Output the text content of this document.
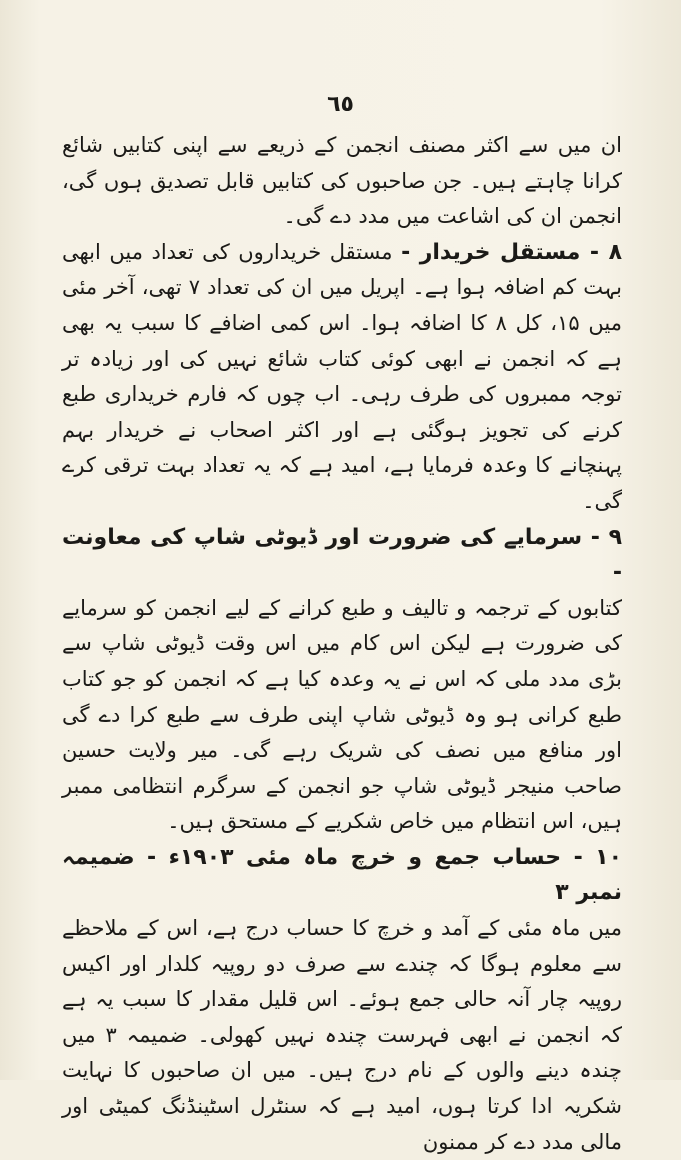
٦٥

ان میں سے اکثر مصنف انجمن کے ذریعے سے اپنی کتابیں شائع کرانا چاہتے ہیں۔ جن صاحبوں کی کتابیں قابل تصدیق ہوں گی، انجمن ان کی اشاعت میں مدد دے گی۔

۸ - مستقل خریدار - مستقل خریداروں کی تعداد میں ابھی بہت کم اضافہ ہوا ہے۔ اپریل میں ان کی تعداد ۷ تھی، آخر مئی میں ۱۵، کل ۸ کا اضافہ ہوا۔ اس کمی اضافے کا سبب یہ بھی ہے کہ انجمن نے ابھی کوئی کتاب شائع نہیں کی اور زیادہ تر توجہ ممبروں کی طرف رہی۔ اب چوں کہ فارم خریداری طبع کرنے کی تجویز ہوگئی ہے اور اکثر اصحاب نے خریدار بہم پہنچانے کا وعدہ فرمایا ہے، امید ہے کہ یہ تعداد بہت ترقی کرے گی۔

۹ - سرمایے کی ضرورت اور ڈیوٹی شاپ کی معاونت -

کتابوں کے ترجمہ و تالیف و طبع کرانے کے لیے انجمن کو سرمایے کی ضرورت ہے لیکن اس کام میں اس وقت ڈیوٹی شاپ سے بڑی مدد ملی کہ اس نے یہ وعدہ کیا ہے کہ انجمن کو جو کتاب طبع کرانی ہو وہ ڈیوٹی شاپ اپنی طرف سے طبع کرا دے گی اور منافع میں نصف کی شریک رہے گی۔ میر ولایت حسین صاحب منیجر ڈیوٹی شاپ جو انجمن کے سرگرم انتظامی ممبر ہیں، اس انتظام میں خاص شکریے کے مستحق ہیں۔

۱۰ - حساب جمع و خرچ ماہ مئی ۱۹۰۳ء - ضمیمہ نمبر ۳

میں ماہ مئی کے آمد و خرچ کا حساب درج ہے، اس کے ملاحظے سے معلوم ہوگا کہ چندے سے صرف دو روپیہ کلدار اور اکیس روپیہ چار آنہ حالی جمع ہوئے۔ اس قلیل مقدار کا سبب یہ ہے کہ انجمن نے ابھی فہرست چندہ نہیں کھولی۔ ضمیمہ ۳ میں چندہ دینے والوں کے نام درج ہیں۔ میں ان صاحبوں کا نہایت شکریہ ادا کرتا ہوں، امید ہے کہ سنٹرل اسٹینڈنگ کمیٹی اور مالی مدد دے کر ممنون
